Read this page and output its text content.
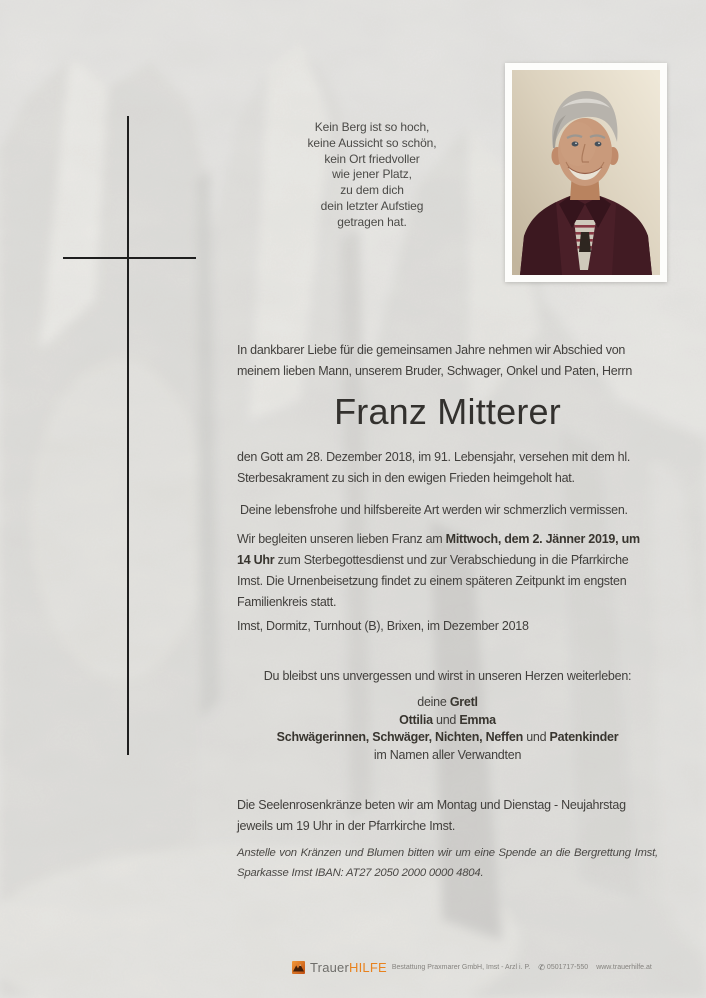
Kein Berg ist so hoch,
keine Aussicht so schön,
kein Ort friedvoller
wie jener Platz,
zu dem dich
dein letzter Aufstieg
getragen hat.
In dankbarer Liebe für die gemeinsamen Jahre nehmen wir Abschied von
meinem lieben Mann, unserem Bruder, Schwager, Onkel und Paten, Herrn
Franz Mitterer
den Gott am 28. Dezember 2018, im 91. Lebensjahr, versehen mit dem hl.
Sterbesakrament zu sich in den ewigen Frieden heimgeholt hat.
Deine lebensfrohe und hilfsbereite Art werden wir schmerzlich vermissen.
Wir begleiten unseren lieben Franz am Mittwoch, dem 2. Jänner 2019, um
14 Uhr zum Sterbegottesdienst und zur Verabschiedung in die Pfarrkirche
Imst. Die Urnenbeisetzung findet zu einem späteren Zeitpunkt im engsten
Familienkreis statt.
Imst, Dormitz, Turnhout (B), Brixen, im Dezember 2018
Du bleibst uns unvergessen und wirst in unseren Herzen weiterleben:
deine Gretl
Ottilia und Emma
Schwägerinnen, Schwäger, Nichten, Neffen und Patenkinder
im Namen aller Verwandten
Die Seelenrosenkränze beten wir am Montag und Dienstag - Neujahrstag
jeweils um 19 Uhr in der Pfarrkirche Imst.
Anstelle von Kränzen und Blumen bitten wir um eine Spende an die Bergrettung Imst,
Sparkasse Imst IBAN: AT27 2050 2000 0000 4804.
TrauerHILFE Bestattung Praxmarer GmbH, Imst - Arzl i. P. ✆ 0501717-550 www.trauerhilfe.at
